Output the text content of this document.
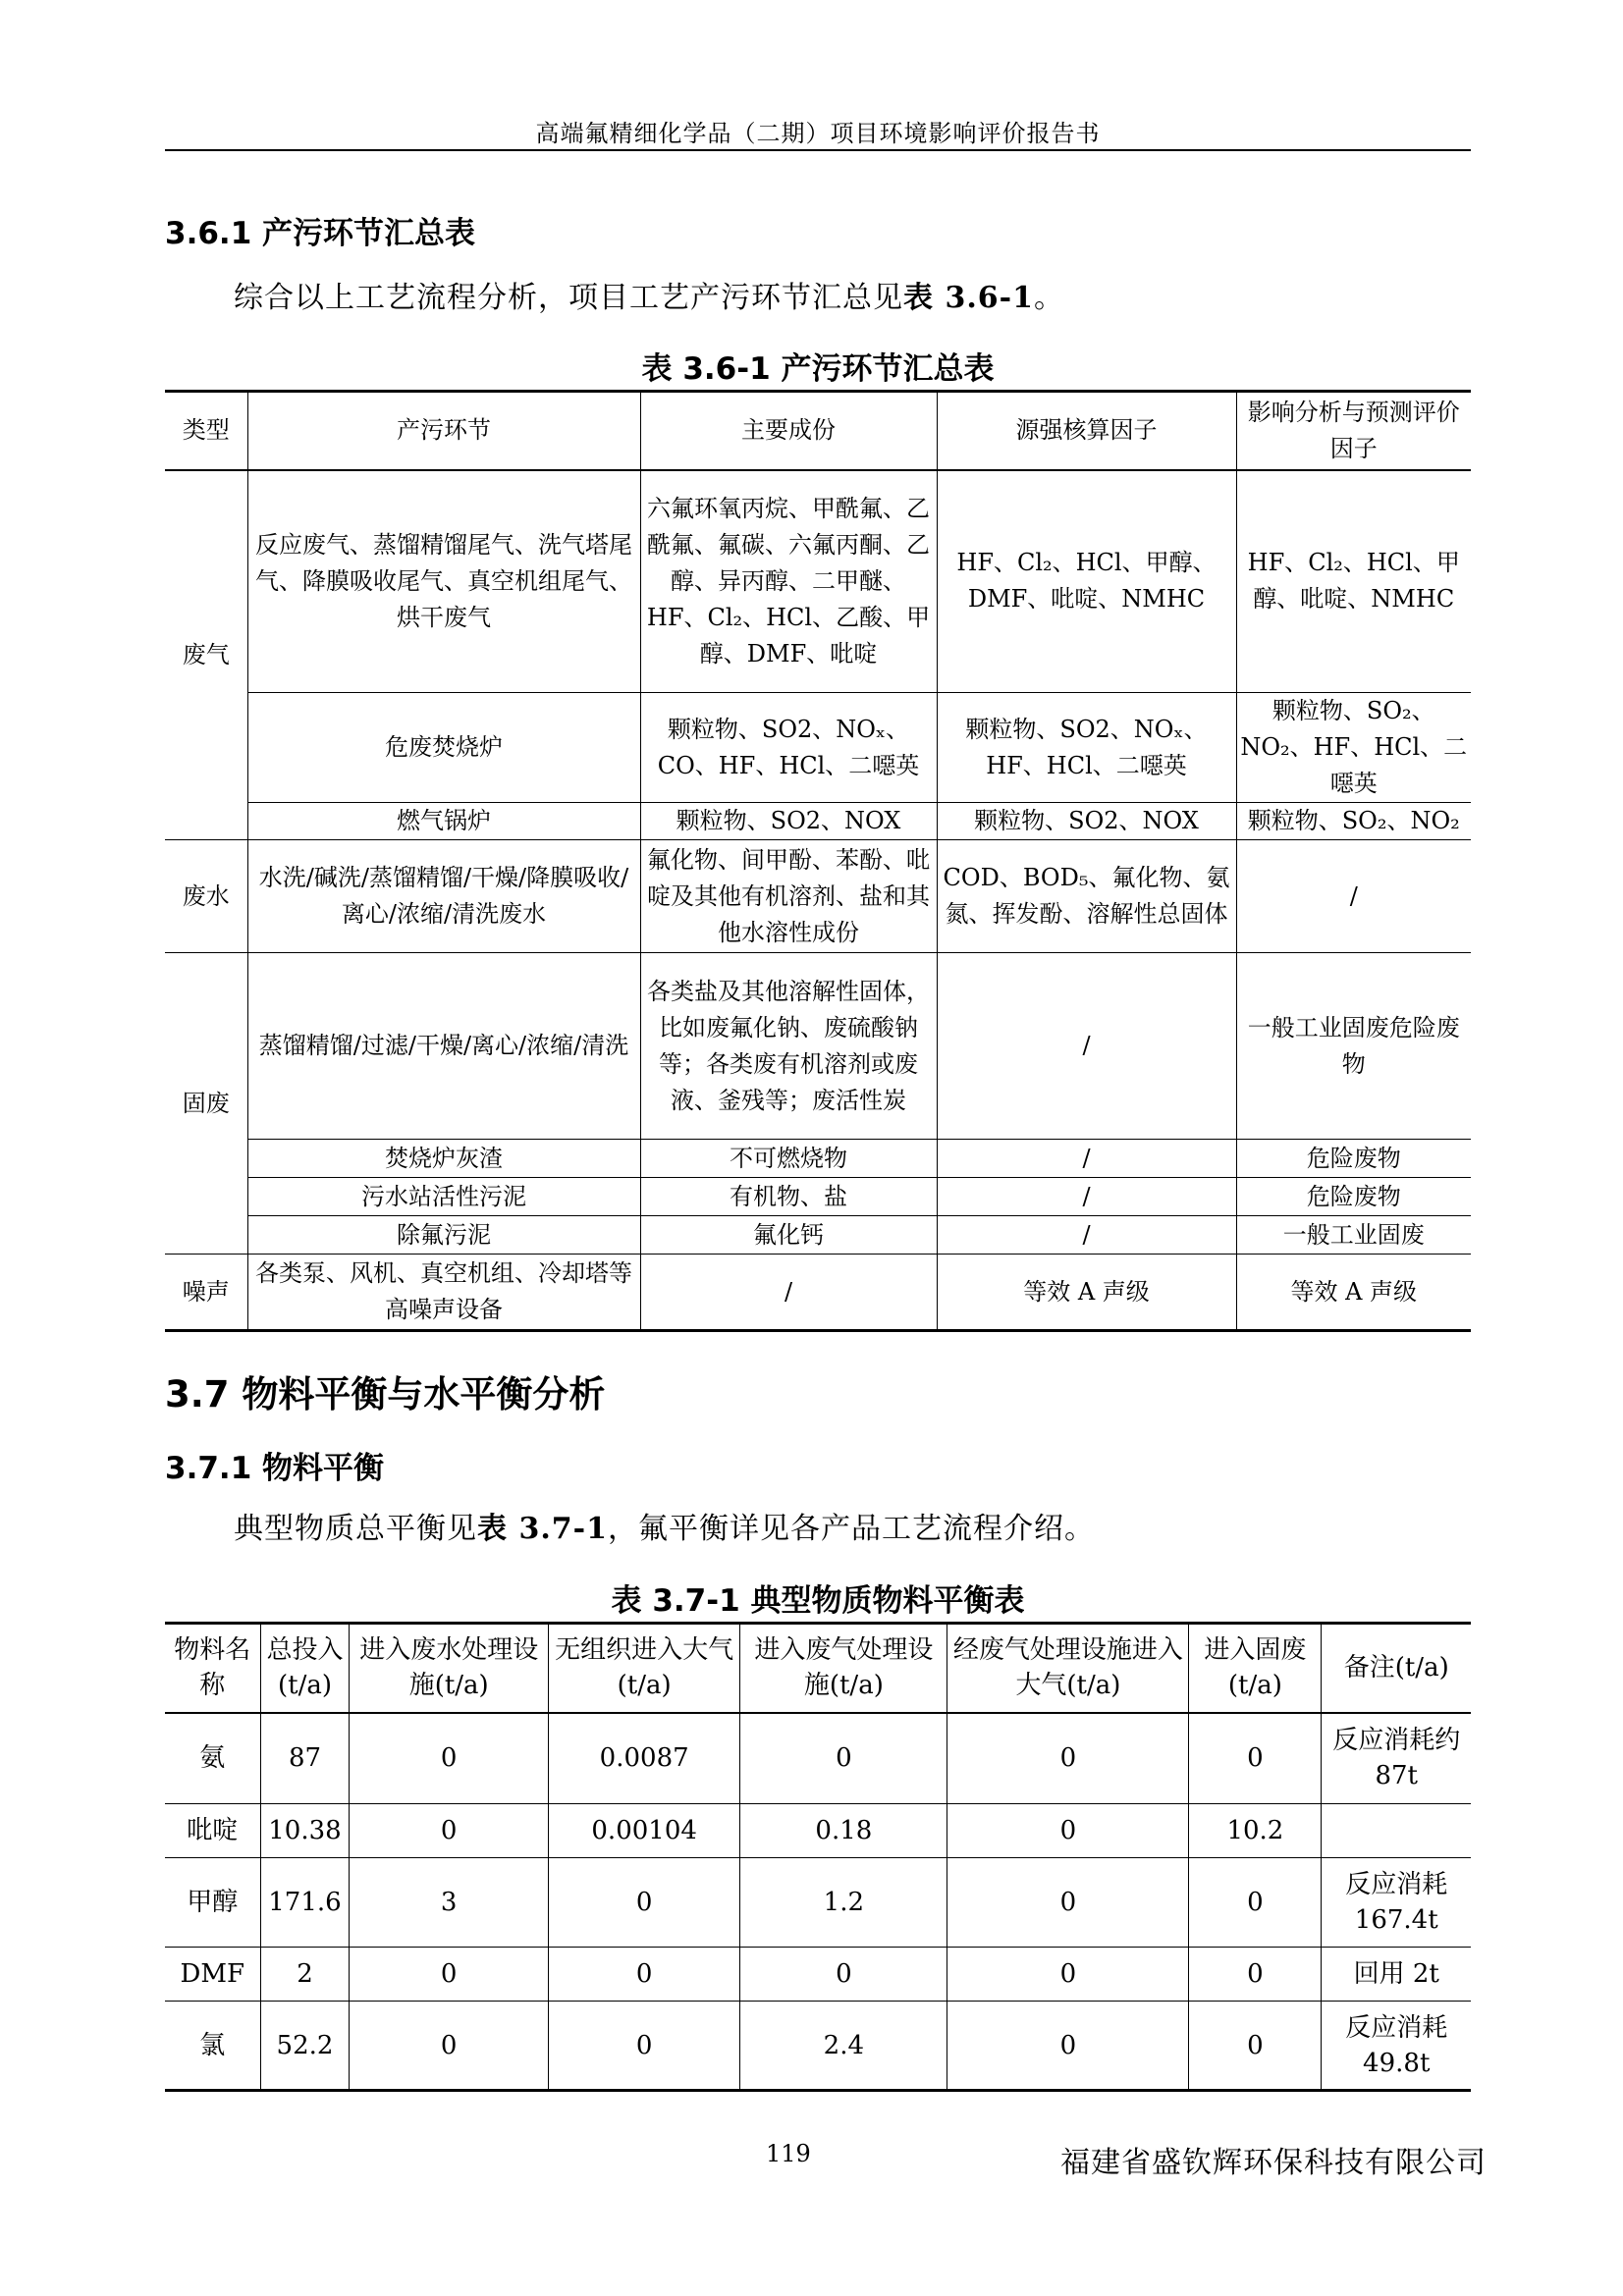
高端氟精细化学品（二期）项目环境影响评价报告书
3.6.1 产污环节汇总表
综合以上工艺流程分析，项目工艺产污环节汇总见表 3.6-1。
表 3.6-1 产污环节汇总表
类型	产污环节	主要成份	源强核算因子	影响分析与预测评价因子
废气	反应废气、蒸馏精馏尾气、洗气塔尾气、降膜吸收尾气、真空机组尾气、烘干废气	六氟环氧丙烷、甲酰氟、乙酰氟、氟碳、六氟丙酮、乙醇、异丙醇、二甲醚、HF、Cl₂、HCl、乙酸、甲醇、DMF、吡啶	HF、Cl₂、HCl、甲醇、DMF、吡啶、NMHC	HF、Cl₂、HCl、甲醇、吡啶、NMHC
	危废焚烧炉	颗粒物、SO2、NOₓ、CO、HF、HCl、二噁英	颗粒物、SO2、NOₓ、HF、HCl、二噁英	颗粒物、SO₂、NO₂、HF、HCl、二噁英
	燃气锅炉	颗粒物、SO2、NOX	颗粒物、SO2、NOX	颗粒物、SO₂、NO₂
废水	水洗/碱洗/蒸馏精馏/干燥/降膜吸收/离心/浓缩/清洗废水	氟化物、间甲酚、苯酚、吡啶及其他有机溶剂、盐和其他水溶性成份	COD、BOD₅、氟化物、氨氮、挥发酚、溶解性总固体	/
固废	蒸馏精馏/过滤/干燥/离心/浓缩/清洗	各类盐及其他溶解性固体，比如废氟化钠、废硫酸钠等；各类废有机溶剂或废液、釜残等；废活性炭	/	一般工业固废危险废物
	焚烧炉灰渣	不可燃烧物	/	危险废物
	污水站活性污泥	有机物、盐	/	危险废物
	除氟污泥	氟化钙	/	一般工业固废
噪声	各类泵、风机、真空机组、冷却塔等高噪声设备	/	等效 A 声级	等效 A 声级
3.7 物料平衡与水平衡分析
3.7.1 物料平衡
典型物质总平衡见表 3.7-1，氟平衡详见各产品工艺流程介绍。
表 3.7-1 典型物质物料平衡表
物料名称	总投入(t/a)	进入废水处理设施(t/a)	无组织进入大气(t/a)	进入废气处理设施(t/a)	经废气处理设施进入大气(t/a)	进入固废(t/a)	备注(t/a)
氨	87	0	0.0087	0	0	0	反应消耗约 87t
吡啶	10.38	0	0.00104	0.18	0	10.2	
甲醇	171.6	3	0	1.2	0	0	反应消耗167.4t
DMF	2	0	0	0	0	0	回用 2t
氯	52.2	0	0	2.4	0	0	反应消耗49.8t
119	福建省盛钦辉环保科技有限公司
